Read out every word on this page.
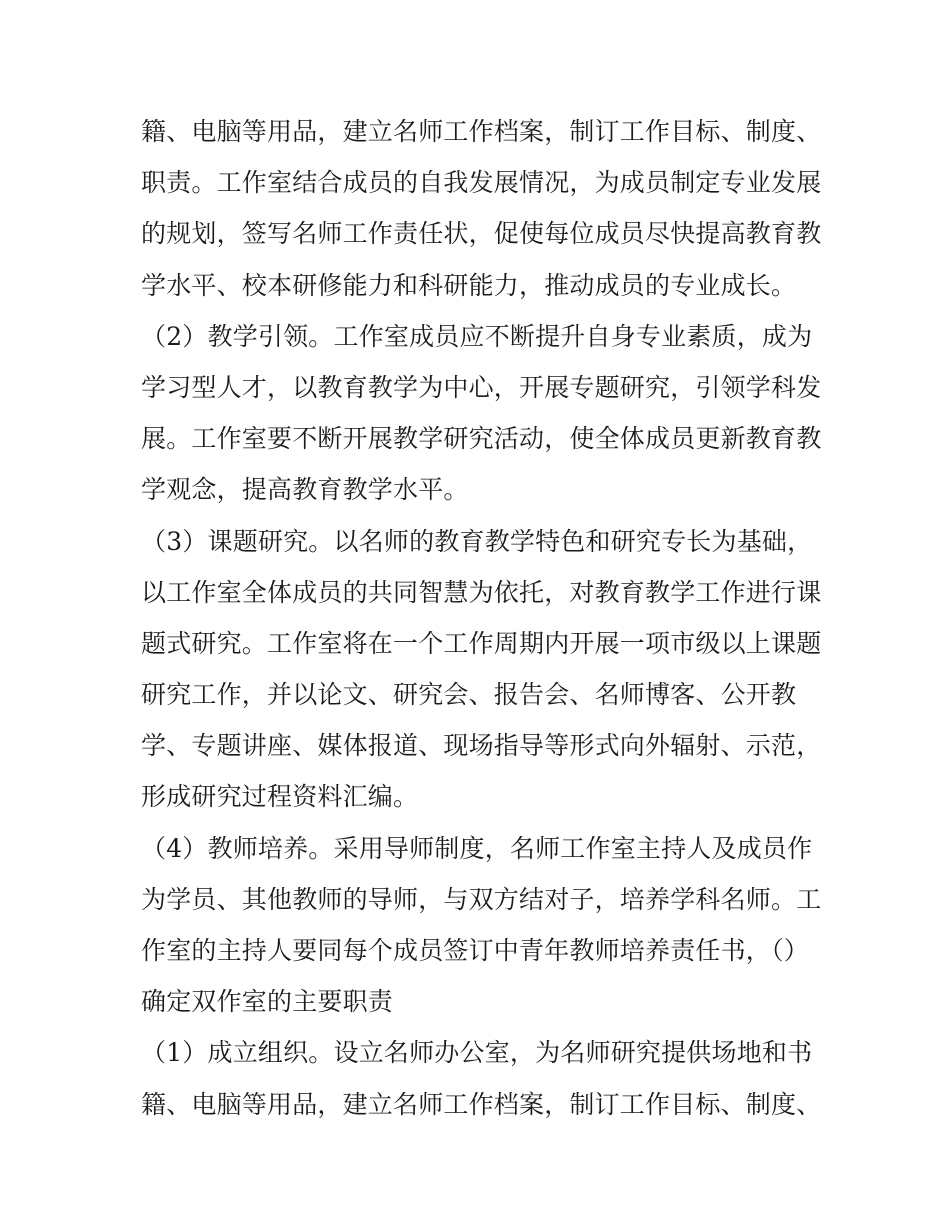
籍、电脑等用品，建立名师工作档案，制订工作目标、制度、
职责。工作室结合成员的自我发展情况，为成员制定专业发展
的规划，签写名师工作责任状，促使每位成员尽快提高教育教
学水平、校本研修能力和科研能力，推动成员的专业成长。
（2）教学引领。工作室成员应不断提升自身专业素质，成为
学习型人才，以教育教学为中心，开展专题研究，引领学科发
展。工作室要不断开展教学研究活动，使全体成员更新教育教
学观念，提高教育教学水平。
（3）课题研究。以名师的教育教学特色和研究专长为基础，
以工作室全体成员的共同智慧为依托，对教育教学工作进行课
题式研究。工作室将在一个工作周期内开展一项市级以上课题
研究工作，并以论文、研究会、报告会、名师博客、公开教
学、专题讲座、媒体报道、现场指导等形式向外辐射、示范，
形成研究过程资料汇编。
（4）教师培养。采用导师制度，名师工作室主持人及成员作
为学员、其他教师的导师，与双方结对子，培养学科名师。工
作室的主持人要同每个成员签订中青年教师培养责任书，（）
确定双作室的主要职责
（1）成立组织。设立名师办公室，为名师研究提供场地和书
籍、电脑等用品，建立名师工作档案，制订工作目标、制度、
